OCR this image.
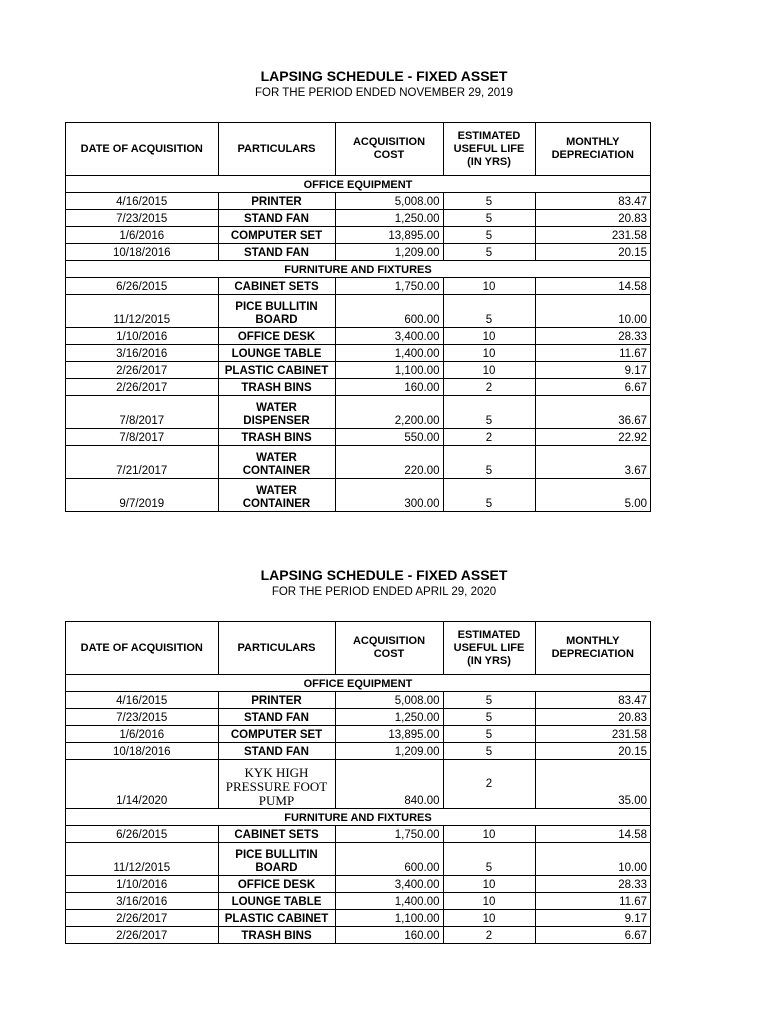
LAPSING SCHEDULE - FIXED ASSET
FOR THE PERIOD ENDED NOVEMBER 29, 2019
DATE OF ACQUISITION	PARTICULARS	ACQUISITION COST	ESTIMATED USEFUL LIFE (IN YRS)	MONTHLY DEPRECIATION
OFFICE EQUIPMENT				
4/16/2015	PRINTER	5,008.00	5	83.47
7/23/2015	STAND FAN	1,250.00	5	20.83
1/6/2016	COMPUTER SET	13,895.00	5	231.58
10/18/2016	STAND FAN	1,209.00	5	20.15
FURNITURE AND FIXTURES				
6/26/2015	CABINET SETS	1,750.00	10	14.58
11/12/2015	PICE BULLITIN BOARD	600.00	5	10.00
1/10/2016	OFFICE DESK	3,400.00	10	28.33
3/16/2016	LOUNGE TABLE	1,400.00	10	11.67
2/26/2017	PLASTIC CABINET	1,100.00	10	9.17
2/26/2017	TRASH BINS	160.00	2	6.67
7/8/2017	WATER DISPENSER	2,200.00	5	36.67
7/8/2017	TRASH BINS	550.00	2	22.92
7/21/2017	WATER CONTAINER	220.00	5	3.67
9/7/2019	WATER CONTAINER	300.00	5	5.00
LAPSING SCHEDULE - FIXED ASSET
FOR THE PERIOD ENDED APRIL 29, 2020
DATE OF ACQUISITION	PARTICULARS	ACQUISITION COST	ESTIMATED USEFUL LIFE (IN YRS)	MONTHLY DEPRECIATION
OFFICE EQUIPMENT				
4/16/2015	PRINTER	5,008.00	5	83.47
7/23/2015	STAND FAN	1,250.00	5	20.83
1/6/2016	COMPUTER SET	13,895.00	5	231.58
10/18/2016	STAND FAN	1,209.00	5	20.15
1/14/2020	KYK HIGH PRESSURE FOOT PUMP	840.00	2	35.00
FURNITURE AND FIXTURES				
6/26/2015	CABINET SETS	1,750.00	10	14.58
11/12/2015	PICE BULLITIN BOARD	600.00	5	10.00
1/10/2016	OFFICE DESK	3,400.00	10	28.33
3/16/2016	LOUNGE TABLE	1,400.00	10	11.67
2/26/2017	PLASTIC CABINET	1,100.00	10	9.17
2/26/2017	TRASH BINS	160.00	2	6.67
